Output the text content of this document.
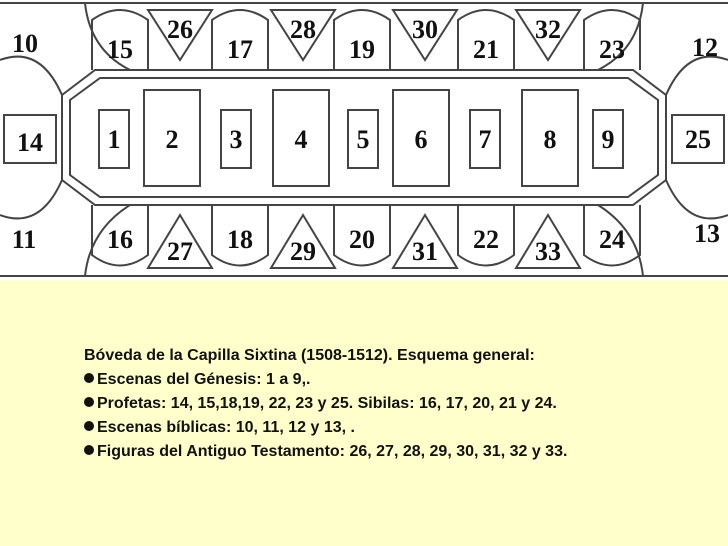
1 2 3 4 5 6 7 8 9
15
16
17
18
19
20
21
22
23
24
26
27
28
29
30
31
32
33
10	12
11	13
14	25
Bóveda de la Capilla Sixtina (1508-1512). Esquema general:
Escenas del Génesis: 1 a 9,.
Profetas: 14, 15,18,19, 22, 23 y 25. Sibilas: 16, 17, 20, 21 y 24.
Escenas bíblicas: 10, 11, 12 y 13, .
Figuras del Antiguo Testamento: 26, 27, 28, 29, 30, 31, 32 y 33.
